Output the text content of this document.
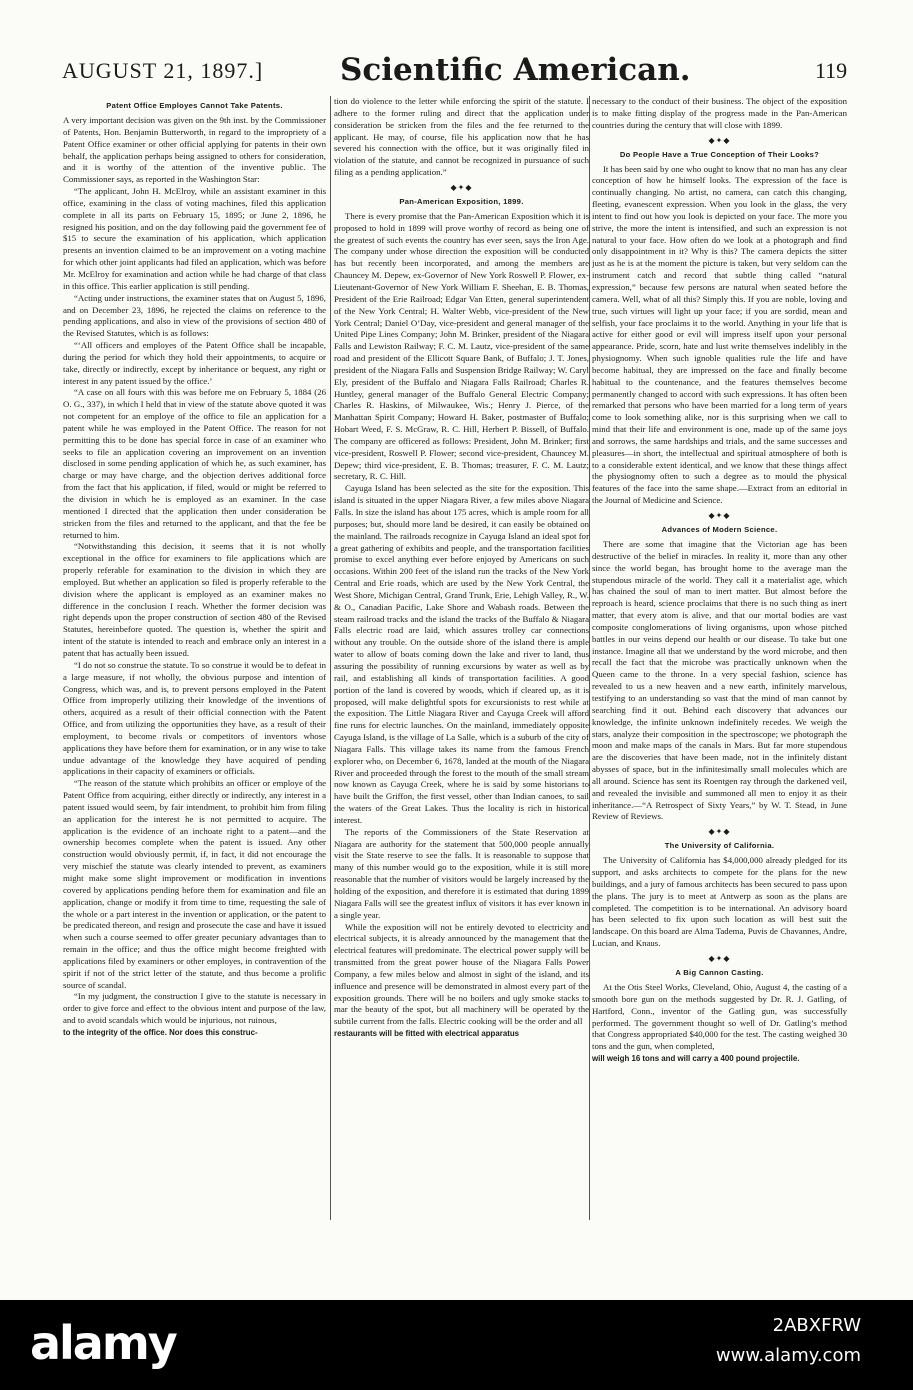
AUGUST 21, 1897.] Scientific American.	119
Patent Office Employes Cannot Take Patents.

A very important decision was given on the 9th inst. by the Commissioner of Patents, Hon. Benjamin Butterworth, in regard to the impropriety of a Patent Office examiner or other official applying for patents in their own behalf, the application perhaps being assigned to others for consideration, and it is worthy of the attention of the inventive public. The Commissioner says, as reported in the Washington Star:

“The applicant, John H. McElroy, while an assistant examiner in this office, examining in the class of voting machines, filed this application complete in all its parts on February 15, 1895; or June 2, 1896, he resigned his position, and on the day following paid the government fee of $15 to secure the examination of his application, which application presents an invention claimed to be an improvement on a voting machine for which other joint applicants had filed an application, which was before Mr. McElroy for examination and action while he had charge of that class in this office. This earlier application is still pending.

“Acting under instructions, the examiner states that on August 5, 1896, and on December 23, 1896, he rejected the claims on reference to the pending applications, and also in view of the provisions of section 480 of the Revised Statutes, which is as follows:

“‘All officers and employes of the Patent Office shall be incapable, during the period for which they hold their appointments, to acquire or take, directly or indirectly, except by inheritance or bequest, any right or interest in any patent issued by the office.’

“A case on all fours with this was before me on February 5, 1884 (26 O. G., 337), in which I held that in view of the statute above quoted it was not competent for an employe of the office to file an application for a patent while he was employed in the Patent Office. The reason for not permitting this to be done has special force in case of an examiner who seeks to file an application covering an improvement on an invention disclosed in some pending application of which he, as such examiner, has charge or may have charge, and the objection derives additional force from the fact that his application, if filed, would or might be referred to the division in which he is employed as an examiner. In the case mentioned I directed that the application then under consideration be stricken from the files and returned to the applicant, and that the fee be returned to him.

“Notwithstanding this decision, it seems that it is not wholly exceptional in the office for examiners to file applications which are properly referable for examination to the division in which they are employed. But whether an application so filed is properly referable to the division where the applicant is employed as an examiner makes no difference in the conclusion I reach. Whether the former decision was right depends upon the proper construction of section 480 of the Revised Statutes, hereinbefore quoted. The question is, whether the spirit and intent of the statute is intended to reach and embrace only an interest in a patent that has actually been issued.

“I do not so construe the statute. To so construe it would be to defeat in a large measure, if not wholly, the obvious purpose and intention of Congress, which was, and is, to prevent persons employed in the Patent Office from improperly utilizing their knowledge of the inventions of others, acquired as a result of their official connection with the Patent Office, and from utilizing the opportunities they have, as a result of their employment, to become rivals or competitors of inventors whose applications they have before them for examination, or in any wise to take undue advantage of the knowledge they have acquired of pending applications in their capacity of examiners or officials.

“The reason of the statute which prohibits an officer or employe of the Patent Office from acquiring, either directly or indirectly, any interest in a patent issued would seem, by fair intendment, to prohibit him from filing an application for the interest he is not permitted to acquire. The application is the evidence of an inchoate right to a patent—and the ownership becomes complete when the patent is issued. Any other construction would obviously permit, if, in fact, it did not encourage the very mischief the statute was clearly intended to prevent, as examiners might make some slight improvement or modification in inventions covered by applications pending before them for examination and file an application, change or modify it from time to time, requesting the sale of the whole or a part interest in the invention or application, or the patent to be predicated thereon, and resign and prosecute the case and have it issued when such a course seemed to offer greater pecuniary advantages than to remain in the office; and thus the office might become freighted with applications filed by examiners or other employes, in contravention of the spirit if not of the strict letter of the statute, and thus become a prolific source of scandal.

“In my judgment, the construction I give to the statute is necessary in order to give force and effect to the obvious intent and purpose of the law, and to avoid scandals which would be injurious, not ruinous,

to the integrity of the office. Nor does this construc-

tion do violence to the letter while enforcing the spirit of the statute. I adhere to the former ruling and direct that the application under consideration be stricken from the files and the fee returned to the applicant. He may, of course, file his application now that he has severed his connection with the office, but it was originally filed in violation of the statute, and cannot be recognized in pursuance of such filing as a pending application.”

◆✦◆
Pan-American Exposition, 1899.

There is every promise that the Pan-American Exposition which it is proposed to hold in 1899 will prove worthy of record as being one of the greatest of such events the country has ever seen, says the Iron Age. The company under whose direction the exposition will be conducted has but recently been incorporated, and among the members are Chauncey M. Depew, ex-Governor of New York Roswell P. Flower, ex-Lieutenant-Governor of New York William F. Sheehan, E. B. Thomas, President of the Erie Railroad; Edgar Van Etten, general superintendent of the New York Central; H. Walter Webb, vice-president of the New York Central; Daniel O’Day, vice-president and general manager of the United Pipe Lines Company; John M. Brinker, president of the Niagara Falls and Lewiston Railway; F. C. M. Lautz, vice-president of the same road and president of the Ellicott Square Bank, of Buffalo; J. T. Jones, president of the Niagara Falls and Suspension Bridge Railway; W. Caryl Ely, president of the Buffalo and Niagara Falls Railroad; Charles R. Huntley, general manager of the Buffalo General Electric Company; Charles R. Haskins, of Milwaukee, Wis.; Henry J. Pierce, of the Manhattan Spirit Company; Howard H. Baker, postmaster of Buffalo; Hobart Weed, F. S. McGraw, R. C. Hill, Herbert P. Bissell, of Buffalo. The company are officered as follows: President, John M. Brinker; first vice-president, Roswell P. Flower; second vice-president, Chauncey M. Depew; third vice-president, E. B. Thomas; treasurer, F. C. M. Lautz; secretary, R. C. Hill.

Cayuga Island has been selected as the site for the exposition. This island is situated in the upper Niagara River, a few miles above Niagara Falls. In size the island has about 175 acres, which is ample room for all purposes; but, should more land be desired, it can easily be obtained on the mainland. The railroads recognize in Cayuga Island an ideal spot for a great gathering of exhibits and people, and the transportation facilities promise to excel anything ever before enjoyed by Americans on such occasions. Within 200 feet of the island run the tracks of the New York Central and Erie roads, which are used by the New York Central, the West Shore, Michigan Central, Grand Trunk, Erie, Lehigh Valley, R., W. & O., Canadian Pacific, Lake Shore and Wabash roads. Between the steam railroad tracks and the island the tracks of the Buffalo & Niagara Falls electric road are laid, which assures trolley car connections without any trouble. On the outside shore of the island there is ample water to allow of boats coming down the lake and river to land, thus assuring the possibility of running excursions by water as well as by rail, and establishing all kinds of transportation facilities. A good portion of the land is covered by woods, which if cleared up, as it is proposed, will make delightful spots for excursionists to rest while at the exposition. The Little Niagara River and Cayuga Creek will afford fine runs for electric launches. On the mainland, immediately opposite Cayuga Island, is the village of La Salle, which is a suburb of the city of Niagara Falls. This village takes its name from the famous French explorer who, on December 6, 1678, landed at the mouth of the Niagara River and proceeded through the forest to the mouth of the small stream now known as Cayuga Creek, where he is said by some historians to have built the Griffon, the first vessel, other than Indian canoes, to sail the waters of the Great Lakes. Thus the locality is rich in historical interest.

The reports of the Commissioners of the State Reservation at Niagara are authority for the statement that 500,000 people annually visit the State reserve to see the falls. It is reasonable to suppose that many of this number would go to the exposition, while it is still more reasonable that the number of visitors would be largely increased by the holding of the exposition, and therefore it is estimated that during 1899 Niagara Falls will see the greatest influx of visitors it has ever known in a single year.

While the exposition will not be entirely devoted to electricity and electrical subjects, it is already announced by the management that the electrical features will predominate. The electrical power supply will be transmitted from the great power house of the Niagara Falls Power Company, a few miles below and almost in sight of the island, and its influence and presence will be demonstrated in almost every part of the exposition grounds. There will be no boilers and ugly smoke stacks to mar the beauty of the spot, but all machinery will be operated by the subtile current from the falls. Electric cooking will be the order and all

restaurants will be fitted with electrical apparatus

necessary to the conduct of their business. The object of the exposition is to make fitting display of the progress made in the Pan-American countries during the century that will close with 1899.

◆✦◆
Do People Have a True Conception of Their Looks?

It has been said by one who ought to know that no man has any clear conception of how he himself looks. The expression of the face is continually changing. No artist, no camera, can catch this changing, fleeting, evanescent expression. When you look in the glass, the very intent to find out how you look is depicted on your face. The more you strive, the more the intent is intensified, and such an expression is not natural to your face. How often do we look at a photograph and find only disappointment in it? Why is this? The camera depicts the sitter just as he is at the moment the picture is taken, but very seldom can the instrument catch and record that subtle thing called “natural expression,” because few persons are natural when seated before the camera. Well, what of all this? Simply this. If you are noble, loving and true, such virtues will light up your face; if you are sordid, mean and selfish, your face proclaims it to the world. Anything in your life that is active for either good or evil will impress itself upon your personal appearance. Pride, scorn, hate and lust write themselves indelibly in the physiognomy. When such ignoble qualities rule the life and have become habitual, they are impressed on the face and finally become habitual to the countenance, and the features themselves become permanently changed to accord with such expressions. It has often been remarked that persons who have been married for a long term of years come to look something alike, nor is this surprising when we call to mind that their life and environment is one, made up of the same joys and sorrows, the same hardships and trials, and the same successes and pleasures—in short, the intellectual and spiritual atmosphere of both is to a considerable extent identical, and we know that these things affect the physiognomy often to such a degree as to mould the physical features of the face into the same shape.—Extract from an editorial in the Journal of Medicine and Science.

◆✦◆
Advances of Modern Science.

There are some that imagine that the Victorian age has been destructive of the belief in miracles. In reality it, more than any other since the world began, has brought home to the average man the stupendous miracle of the world. They call it a materialist age, which has chained the soul of man to inert matter. But almost before the reproach is heard, science proclaims that there is no such thing as inert matter, that every atom is alive, and that our mortal bodies are vast composite conglomerations of living organisms, upon whose pitched battles in our veins depend our health or our disease. To take but one instance. Imagine all that we understand by the word microbe, and then recall the fact that the microbe was practically unknown when the Queen came to the throne. In a very special fashion, science has revealed to us a new heaven and a new earth, infinitely marvelous, testifying to an understanding so vast that the mind of man cannot by searching find it out. Behind each discovery that advances our knowledge, the infinite unknown indefinitely recedes. We weigh the stars, analyze their composition in the spectroscope; we photograph the moon and make maps of the canals in Mars. But far more stupendous are the discoveries that have been made, not in the infinitely distant abysses of space, but in the infinitesimally small molecules which are all around. Science has sent its Roentgen ray through the darkened veil, and revealed the invisible and summoned all men to enjoy it as their inheritance.—“A Retrospect of Sixty Years,” by W. T. Stead, in June Review of Reviews.

◆✦◆
The University of California.

The University of California has $4,000,000 already pledged for its support, and asks architects to compete for the plans for the new buildings, and a jury of famous architects has been secured to pass upon the plans. The jury is to meet at Antwerp as soon as the plans are completed. The competition is to be international. An advisory board has been selected to fix upon such location as will best suit the landscape. On this board are Alma Tadema, Puvis de Chavannes, Andre, Lucian, and Knaus.

◆✦◆
A Big Cannon Casting.

At the Otis Steel Works, Cleveland, Ohio, August 4, the casting of a smooth bore gun on the methods suggested by Dr. R. J. Gatling, of Hartford, Conn., inventor of the Gatling gun, was successfully performed. The government thought so well of Dr. Gatling’s method that Congress appropriated $40,000 for the test. The casting weighed 30 tons and the gun, when completed,

will weigh 16 tons and will carry a 400 pound projectile.

alamy	2ABXFRW
www.alamy.com
